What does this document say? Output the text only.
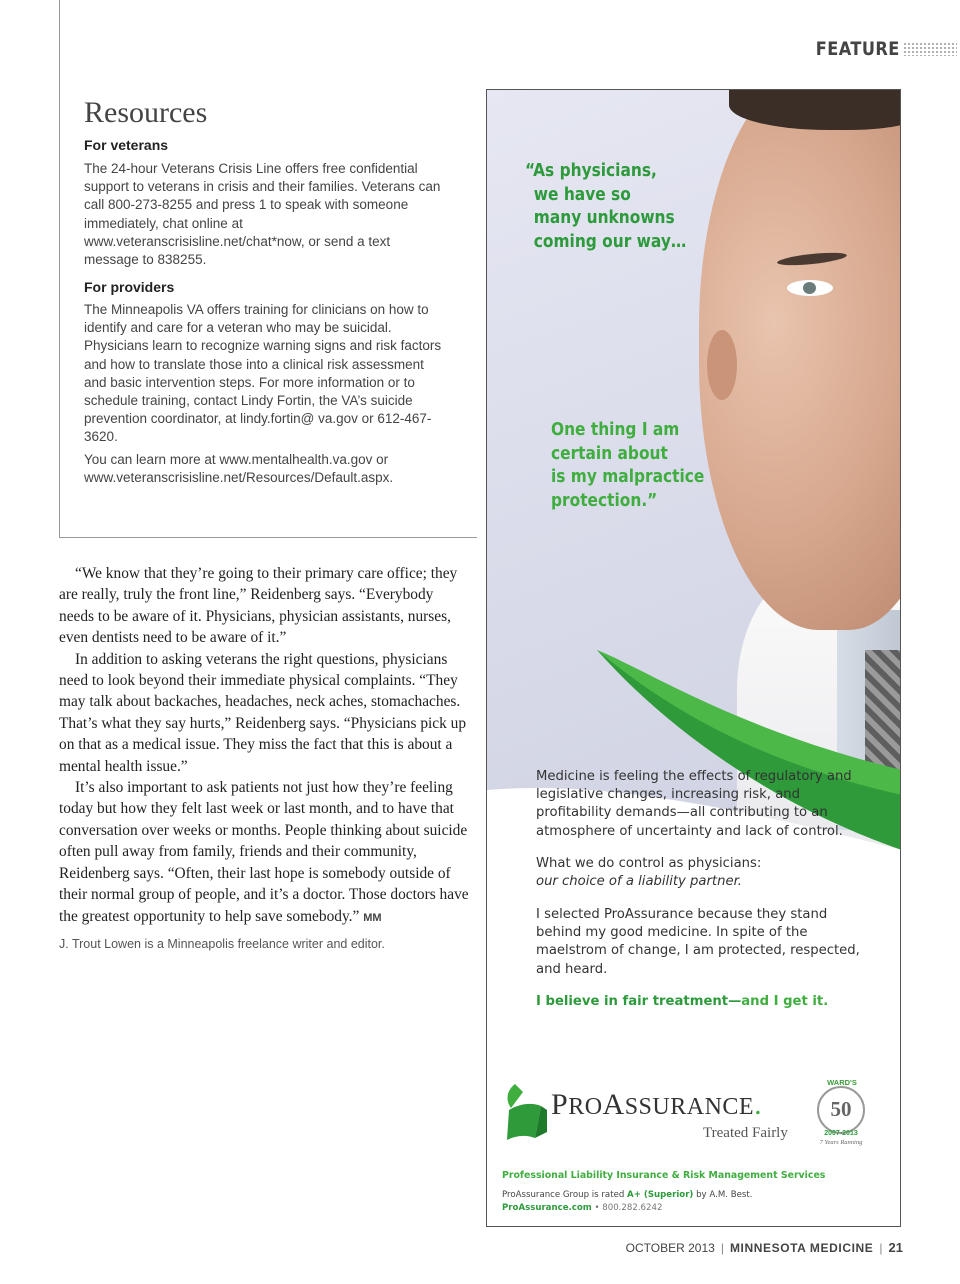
FEATURE
Resources
For veterans

The 24-hour Veterans Crisis Line offers free confidential support to veterans in crisis and their families. Veterans can call 800-273-8255 and press 1 to speak with someone immediately, chat online at www.veteranscrisisline.net/chat*now, or send a text message to 838255.

For providers

The Minneapolis VA offers training for clinicians on how to identify and care for a veteran who may be suicidal. Physicians learn to recognize warning signs and risk factors and how to translate those into a clinical risk assessment and basic intervention steps. For more information or to schedule training, contact Lindy Fortin, the VA’s suicide prevention coordinator, at lindy.fortin@ va.gov or 612-467-3620.

You can learn more at www.mentalhealth.va.gov or www.veteranscrisisline.net/Resources/Default.aspx.

“We know that they’re going to their primary care office; they are really, truly the front line,” Reidenberg says. “Everybody needs to be aware of it. Physicians, physician assistants, nurses, even dentists need to be aware of it.”

In addition to asking veterans the right questions, physicians need to look beyond their immediate physical complaints. “They may talk about backaches, headaches, neck aches, stomachaches. That’s what they say hurts,” Reidenberg says. “Physicians pick up on that as a medical issue. They miss the fact that this is about a mental health issue.”

It’s also important to ask patients not just how they’re feeling today but how they felt last week or last month, and to have that conversation over weeks or months. People thinking about suicide often pull away from family, friends and their community, Reidenberg says. “Often, their last hope is somebody outside of their normal group of people, and it’s a doctor. Those doctors have the greatest opportunity to help save somebody.” MM

J. Trout Lowen is a Minneapolis freelance writer and editor.

“As physicians,
we have so
many unknowns
coming our way…

One thing I am
certain about
is my malpractice
protection.”

Medicine is feeling the effects of regulatory and legislative changes, increasing risk, and profitability demands—all contributing to an atmosphere of uncertainty and lack of control.

What we do control as physicians:
our choice of a liability partner.

I selected ProAssurance because they stand behind my good medicine. In spite of the maelstrom of change, I am protected, respected, and heard.

I believe in fair treatment—and I get it.
PROASSURANCE.
Treated Fairly
50
WARD'S
2007-2013
7 Years Running
Professional Liability Insurance & Risk Management Services
ProAssurance Group is rated A+ (Superior) by A.M. Best.
ProAssurance.com • 800.282.6242
OCTOBER 2013 | MINNESOTA MEDICINE | 21
